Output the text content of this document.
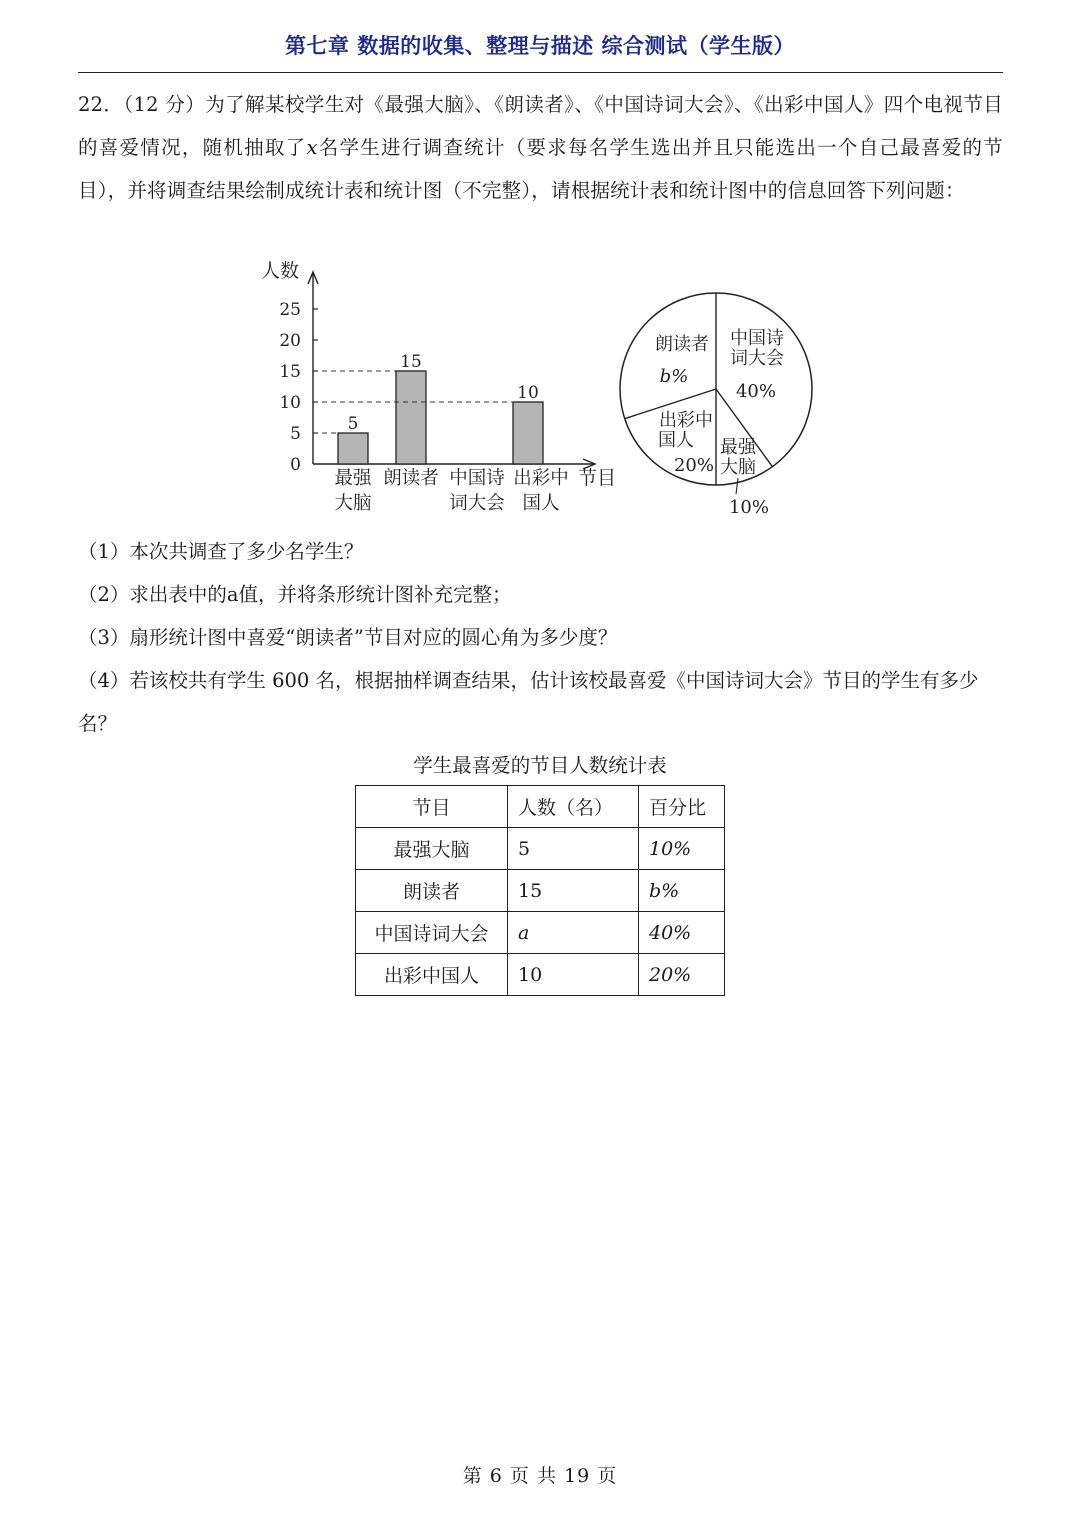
第七章 数据的收集、整理与描述 综合测试（学生版）
22．（12 分）为了解某校学生对《最强大脑》、《朗读者》、《中国诗词大会》、《出彩中国人》四个电视节目的喜爱情况，随机抽取了x名学生进行调查统计（要求每名学生选出并且只能选出一个自己最喜爱的节目），并将调查结果绘制成统计表和统计图（不完整），请根据统计表和统计图中的信息回答下列问题：
人数
节目
0
5
10
15
20
25
5
15
10
最强
大脑
朗读者 中国诗
词大会
出彩中
国人
中国诗
词大会
40%
最强
大脑
10%
出彩中
国人
20%
朗读者
b%
（1）本次共调查了多少名学生？
（2）求出表中的a值，并将条形统计图补充完整；
（3）扇形统计图中喜爱“朗读者”节目对应的圆心角为多少度？
（4）若该校共有学生 600 名，根据抽样调查结果，估计该校最喜爱《中国诗词大会》节目的学生有多少名？
学生最喜爱的节目人数统计表
节目	人数（名）	百分比
最强大脑	5	10%
朗读者	15	b%
中国诗词大会	a	40%
出彩中国人	10	20%
第 6 页 共 19 页
